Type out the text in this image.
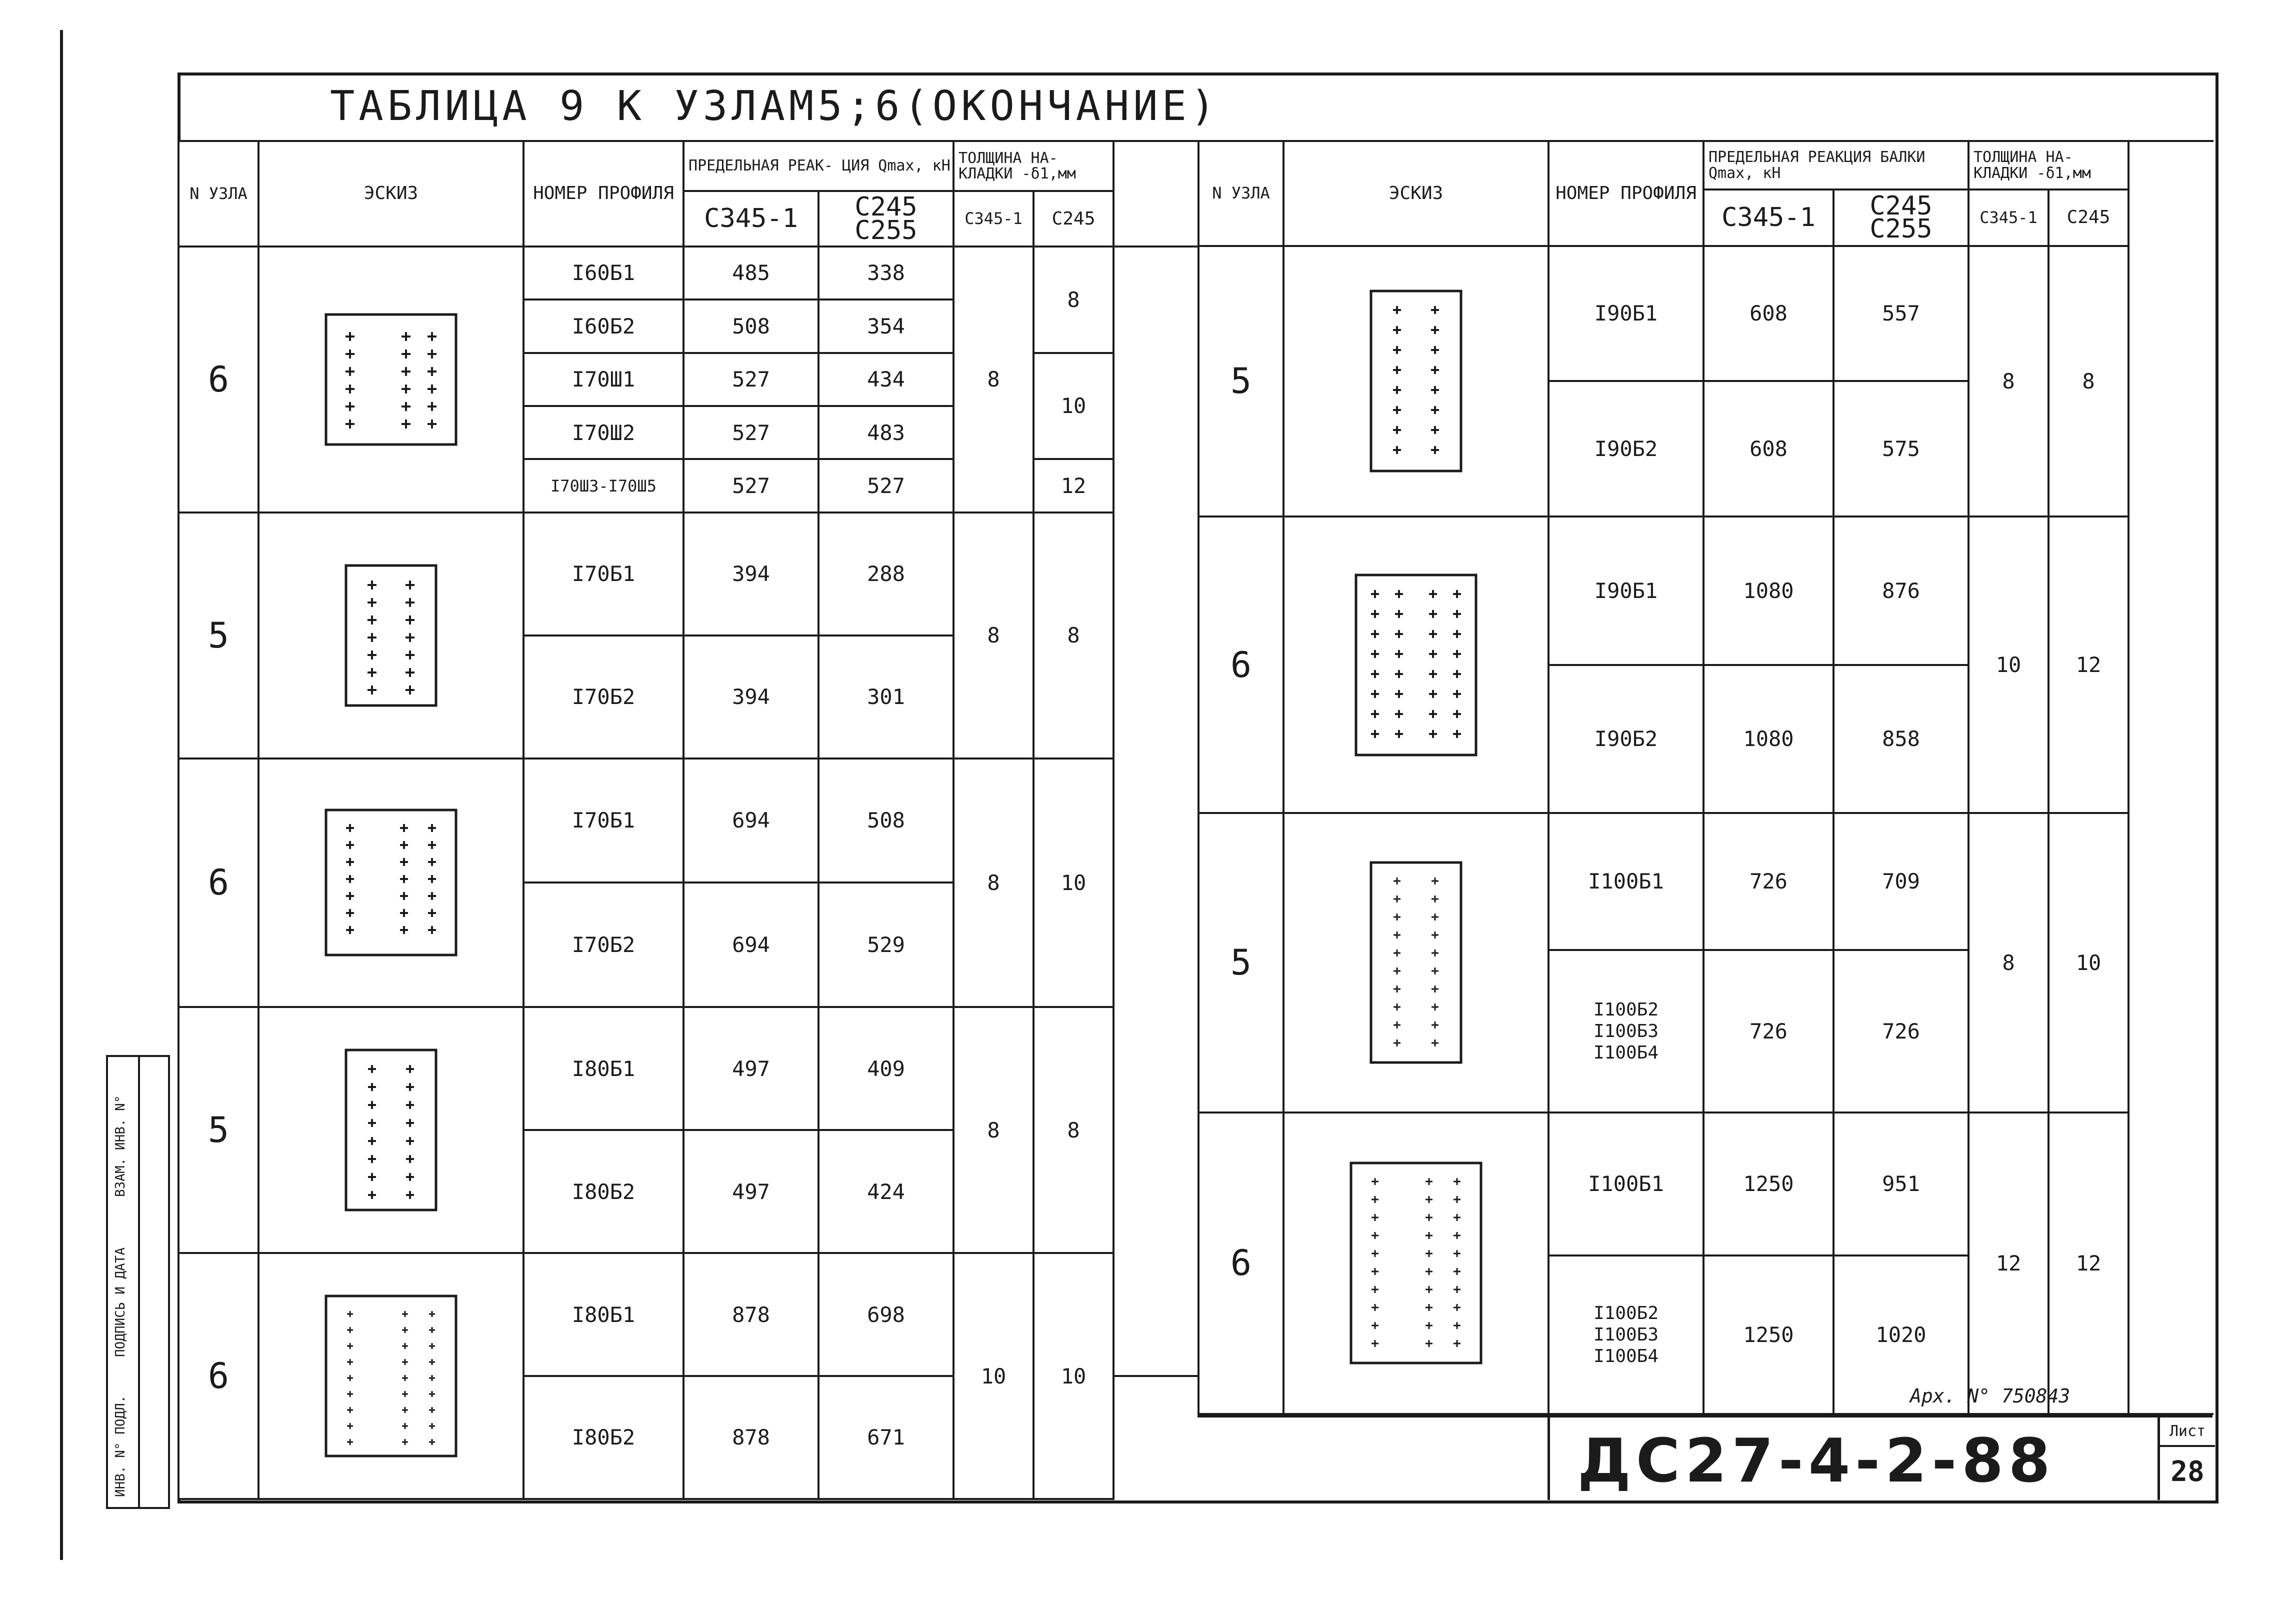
ИНВ. N° ПОДЛ.
ПОДПИСЬ И ДАТА
ВЗАМ. ИНВ. N°
ТАБЛИЦА 9 К УЗЛАМ5;6(ОКОНЧАНИЕ)
N УЗЛА	ЭСКИЗ	НОМЕР ПРОФИЛЯ	ПРЕДЕЛЬНАЯ РЕАК- ЦИЯ Qmax, кН		ТОЛЩИНА НА- КЛАДКИ -δ1,мм		
			С345-1	С245 С255	С345-1	С245	
6		I60Б1	485	338	8	8	
		I60Б2	508	354			
		I70Ш1	527	434		10	
		I70Ш2	527	483			
		I70Ш3-I70Ш5	527	527		12	
5		I70Б1	394	288	8	8	
		I70Б2	394	301			
6		I70Б1	694	508	8	10	
		I70Б2	694	529			
5		I80Б1	497	409	8	8	
		I80Б2	497	424			
6		I80Б1	878	698	10	10	
		I80Б2	878	671			
N УЗЛА	ЭСКИЗ	НОМЕР ПРОФИЛЯ	ПРЕДЕЛЬНАЯ РЕАКЦИЯ БАЛКИ Qmax, кН		ТОЛЩИНА НА- КЛАДКИ -δ1,мм		
			С345-1	С245 С255	С345-1	С245	
5		I90Б1	608	557	8	8	
		I90Б2	608	575			
6		I90Б1	1080	876	10	12	
		I90Б2	1080	858			
5		I100Б1	726	709	8	10	
		I100Б2 I100Б3 I100Б4	726	726			
6		I100Б1	1250	951	12	12	
		I100Б2 I100Б3 I100Б4	1250	1020			
Арх. N° 750843
ДС27-4-2-88	Лист
28
